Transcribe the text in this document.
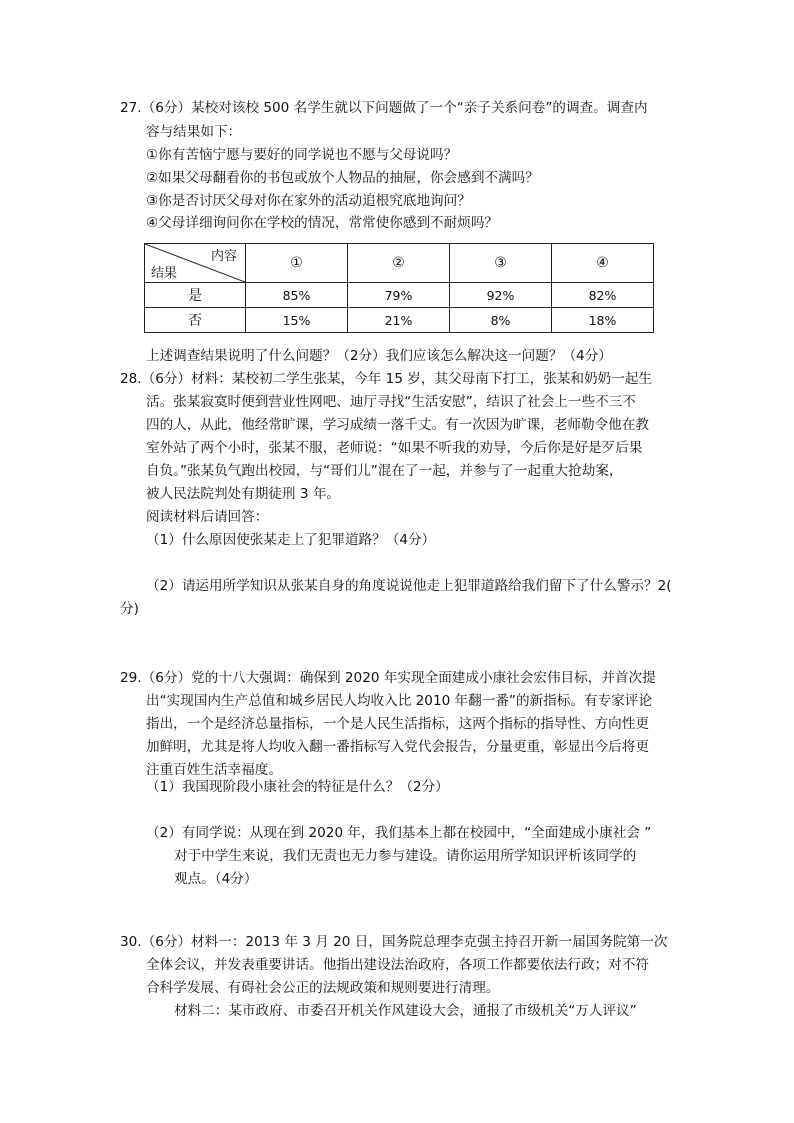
27.（6分）某校对该校 500 名学生就以下问题做了一个“亲子关系问卷”的调查。调查内
容与结果如下：
①你有苦恼宁愿与要好的同学说也不愿与父母说吗？
②如果父母翻看你的书包或放个人物品的抽屉，你会感到不满吗？
③你是否讨厌父母对你在家外的活动追根究底地询问？
④父母详细询问你在学校的情况，常常使你感到不耐烦吗？
内容
结果	①	②	③	④
是	85%	79%	92%	82%
否	15%	21%	8%	18%
上述调查结果说明了什么问题？（2分）我们应该怎么解决这一问题？（4分）
28.（6分）材料：某校初二学生张某，今年 15 岁，其父母南下打工，张某和奶奶一起生
活。张某寂寞时便到营业性网吧、迪厅寻找“生活安慰”，结识了社会上一些不三不
四的人，从此，他经常旷课，学习成绩一落千丈。有一次因为旷课，老师勒令他在教
室外站了两个小时，张某不服，老师说：“如果不听我的劝导，今后你是好是歹后果
自负。”张某负气跑出校园，与“哥们儿”混在了一起，并参与了一起重大抢劫案，
被人民法院判处有期徒刑 3 年。
阅读材料后请回答：
（1）什么原因使张某走上了犯罪道路？（4分）
（2）请运用所学知识从张某自身的角度说说他走上犯罪道路给我们留下了什么警示？2(
分)
29.（6分）党的十八大强调：确保到 2020 年实现全面建成小康社会宏伟目标，并首次提
出“实现国内生产总值和城乡居民人均收入比 2010 年翻一番”的新指标。有专家评论
指出，一个是经济总量指标，一个是人民生活指标，这两个指标的指导性、方向性更
加鲜明，尤其是将人均收入翻一番指标写入党代会报告，分量更重，彰显出今后将更
注重百姓生活幸福度。
（1）我国现阶段小康社会的特征是什么？（2分）
（2）有同学说：从现在到 2020 年，我们基本上都在校园中，“全面建成小康社会 ”
对于中学生来说，我们无责也无力参与建设。请你运用所学知识评析该同学的
观点。（4分）
30.（6分）材料一：2013 年 3 月 20 日，国务院总理李克强主持召开新一届国务院第一次
全体会议，并发表重要讲话。他指出建设法治政府，各项工作都要依法行政；对不符
合科学发展、有碍社会公正的法规政策和规则要进行清理。
材料二：某市政府、市委召开机关作风建设大会，通报了市级机关“万人评议”
